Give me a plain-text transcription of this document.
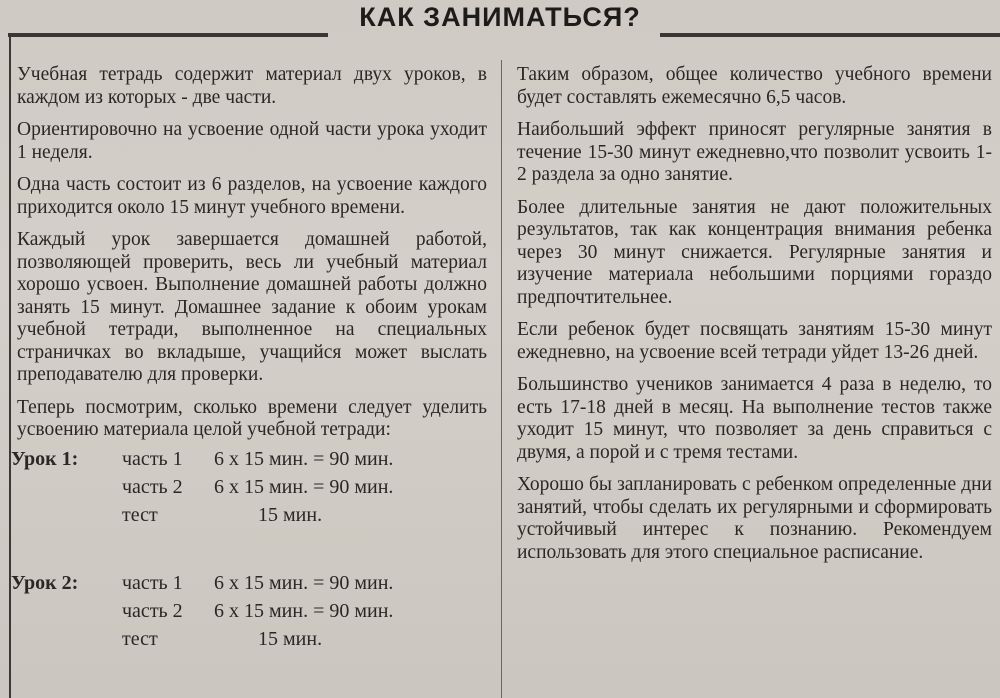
КАК ЗАНИМАТЬСЯ?

Учебная тетрадь содержит материал двух уроков, в каждом из которых - две части.

Ориентировочно на усвоение одной части урока уходит 1 неделя.

Одна часть состоит из 6 разделов, на усвоение каждого приходится около 15 минут учебного времени.

Каждый урок завершается домашней работой, позволяющей проверить, весь ли учебный материал хорошо усвоен. Выполнение домашней работы должно занять 15 минут. Домашнее задание к обоим урокам учебной тетради, выполненное на специальных страничках во вкладыше, учащийся может выслать преподавателю для проверки.

Теперь посмотрим, сколько времени следует уделить усвоению материала целой учебной тетради:

Урок 1: часть 1 6 х 15 мин. = 90 мин.
часть 2 6 х 15 мин. = 90 мин.
тест	15 мин.
Урок 2: часть 1 6 х 15 мин. = 90 мин.
часть 2 6 х 15 мин. = 90 мин.
тест	15 мин.

Таким образом, общее количество учебного времени будет составлять ежемесячно 6,5 часов.

Наибольший эффект приносят регулярные занятия в течение 15-30 минут ежедневно,что позволит усвоить 1-2 раздела за одно занятие.

Более длительные занятия не дают положительных результатов, так как концентрация внимания ребенка через 30 минут снижается. Регулярные занятия и изучение материала небольшими порциями гораздо предпочтительнее.

Если ребенок будет посвящать занятиям 15-30 минут ежедневно, на усвоение всей тетради уйдет 13-26 дней.

Большинство учеников занимается 4 раза в неделю, то есть 17-18 дней в месяц. На выполнение тестов также уходит 15 минут, что позволяет за день справиться с двумя, а порой и с тремя тестами.

Хорошо бы запланировать с ребенком определенные дни занятий, чтобы сделать их регулярными и сформировать устойчивый интерес к познанию. Рекомендуем использовать для этого специальное расписание.
